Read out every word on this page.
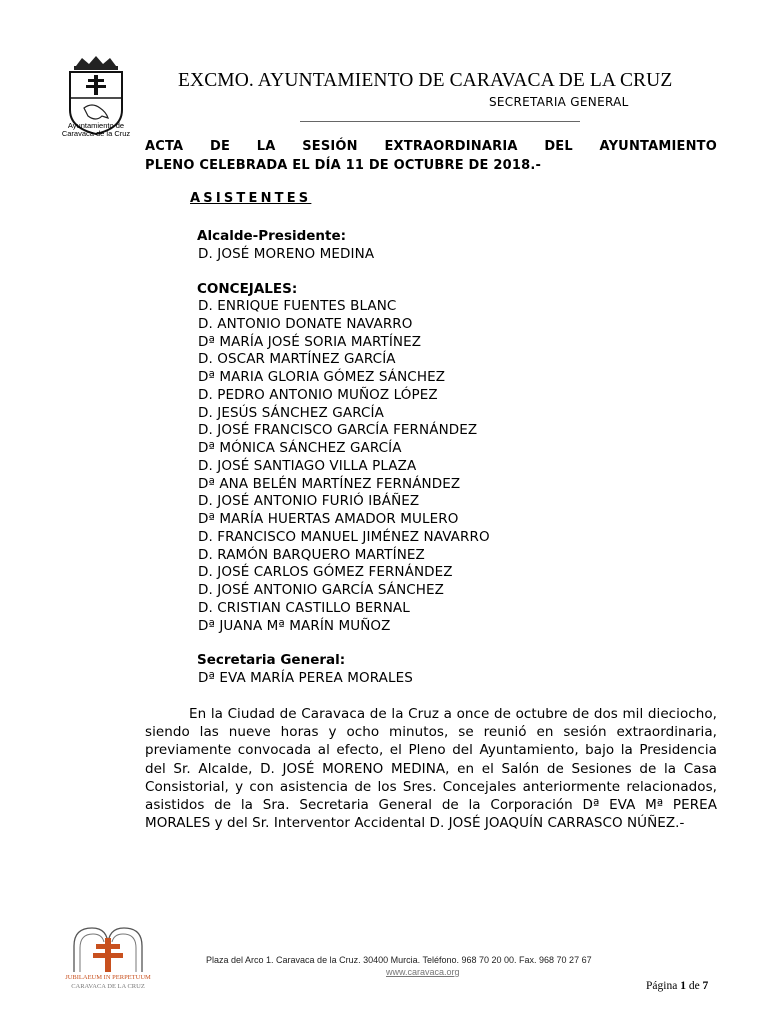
Ayuntamiento de
Caravaca de la Cruz
EXCMO. AYUNTAMIENTO DE CARAVACA DE LA CRUZ
SECRETARIA GENERAL
ACTA DE LA SESIÓN EXTRAORDINARIA DEL AYUNTAMIENTO
PLENO CELEBRADA EL DÍA 11 DE OCTUBRE DE 2018.-
ASISTENTES
Alcalde-Presidente:
D. JOSÉ MORENO MEDINA
CONCEJALES:
D. ENRIQUE FUENTES BLANC
D. ANTONIO DONATE NAVARRO
Dª MARÍA JOSÉ SORIA MARTÍNEZ
D. OSCAR MARTÍNEZ GARCÍA
Dª MARIA GLORIA GÓMEZ SÁNCHEZ
D. PEDRO ANTONIO MUÑOZ LÓPEZ
D. JESÚS SÁNCHEZ GARCÍA
D. JOSÉ FRANCISCO GARCÍA FERNÁNDEZ
Dª MÓNICA SÁNCHEZ GARCÍA
D. JOSÉ SANTIAGO VILLA PLAZA
Dª ANA BELÉN MARTÍNEZ FERNÁNDEZ
D. JOSÉ ANTONIO FURIÓ IBÁÑEZ
Dª MARÍA HUERTAS AMADOR MULERO
D. FRANCISCO MANUEL JIMÉNEZ NAVARRO
D. RAMÓN BARQUERO MARTÍNEZ
D. JOSÉ CARLOS GÓMEZ FERNÁNDEZ
D. JOSÉ ANTONIO GARCÍA SÁNCHEZ
D. CRISTIAN CASTILLO BERNAL
Dª JUANA Mª MARÍN MUÑOZ
Secretaria General:
Dª EVA MARÍA PEREA MORALES
En la Ciudad de Caravaca de la Cruz a once de octubre de dos mil dieciocho, siendo las nueve horas y ocho minutos, se reunió en sesión extraordinaria, previamente convocada al efecto, el Pleno del Ayuntamiento, bajo la Presidencia del Sr. Alcalde, D. JOSÉ MORENO MEDINA, en el Salón de Sesiones de la Casa Consistorial, y con asistencia de los Sres. Concejales anteriormente relacionados, asistidos de la Sra. Secretaria General de la Corporación Dª EVA Mª PEREA MORALES y del Sr. Interventor Accidental D. JOSÉ JOAQUÍN CARRASCO NÚÑEZ.-
JUBILAEUM IN PERPETUUM
CARAVACA DE LA CRUZ
Plaza del Arco 1. Caravaca de la Cruz. 30400 Murcia. Teléfono. 968 70 20 00. Fax. 968 70 27 67
www.caravaca.org
Página 1 de 7
